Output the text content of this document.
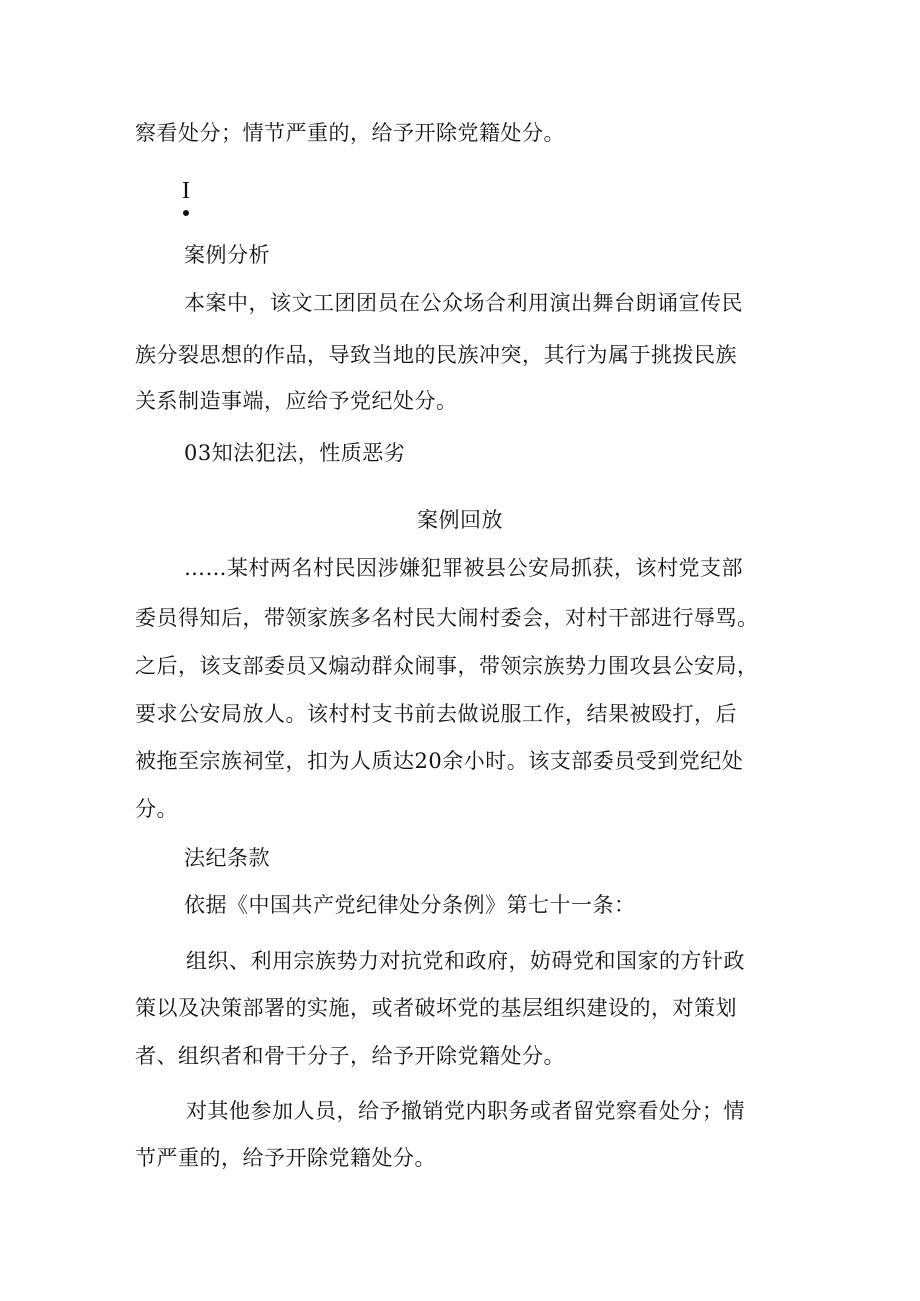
察看处分；情节严重的，给予开除党籍处分。
I
案例分析
本案中，该文工团团员在公众场合利用演出舞台朗诵宣传民
族分裂思想的作品，导致当地的民族冲突，其行为属于挑拨民族
关系制造事端，应给予党纪处分。
03知法犯法，性质恶劣
案例回放
……某村两名村民因涉嫌犯罪被县公安局抓获，该村党支部
委员得知后，带领家族多名村民大闹村委会，对村干部进行辱骂。
之后，该支部委员又煽动群众闹事，带领宗族势力围攻县公安局，
要求公安局放人。该村村支书前去做说服工作，结果被殴打，后
被拖至宗族祠堂，扣为人质达20余小时。该支部委员受到党纪处
分。
法纪条款
依据《中国共产党纪律处分条例》第七十一条：
组织、利用宗族势力对抗党和政府，妨碍党和国家的方针政
策以及决策部署的实施，或者破坏党的基层组织建设的，对策划
者、组织者和骨干分子，给予开除党籍处分。
对其他参加人员，给予撤销党内职务或者留党察看处分；情
节严重的，给予开除党籍处分。
